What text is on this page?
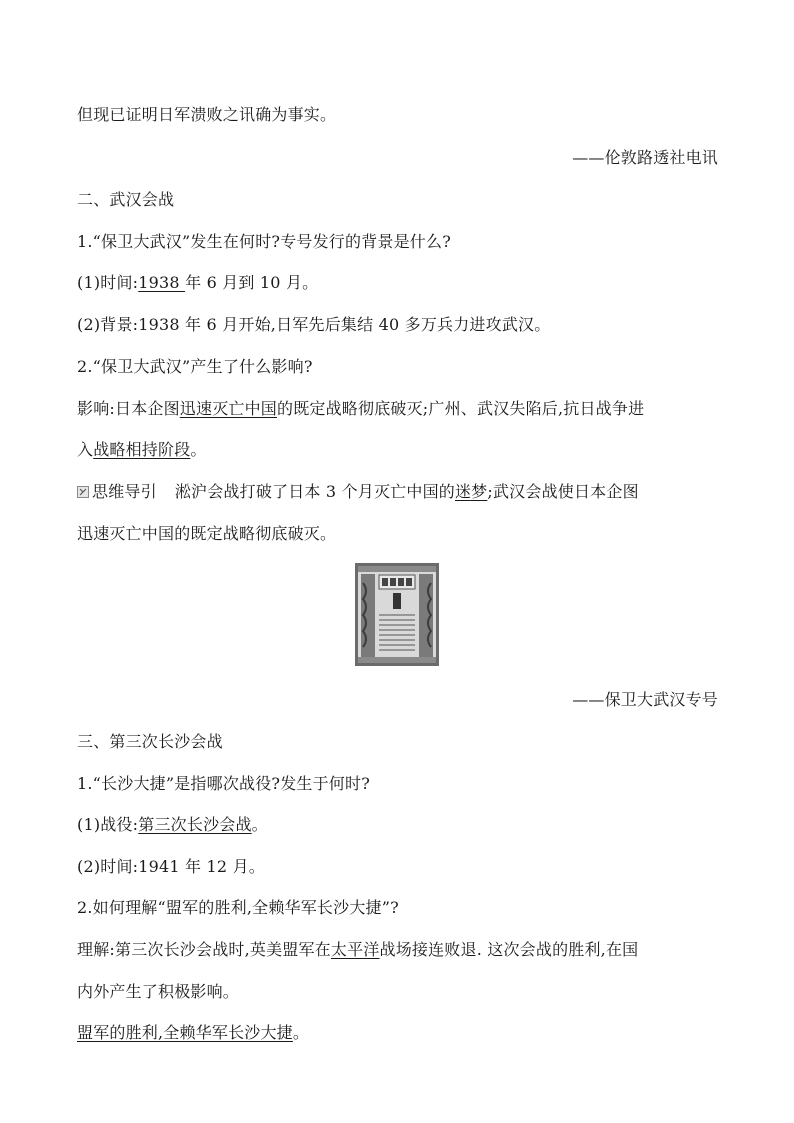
但现已证明日军溃败之讯确为事实。
——伦敦路透社电讯
二、武汉会战
1.“保卫大武汉”发生在何时?专号发行的背景是什么?
(1)时间:1938 年 6 月到 10 月。
(2)背景:1938 年 6 月开始,日军先后集结 40 多万兵力进攻武汉。
2.“保卫大武汉”产生了什么影响?
影响:日本企图迅速灭亡中国的既定战略彻底破灭;广州、武汉失陷后,抗日战争进
入战略相持阶段。
思维导引 淞沪会战打破了日本 3 个月灭亡中国的迷梦;武汉会战使日本企图
迅速灭亡中国的既定战略彻底破灭。
——保卫大武汉专号
三、第三次长沙会战
1.“长沙大捷”是指哪次战役?发生于何时?
(1)战役:第三次长沙会战。
(2)时间:1941 年 12 月。
2.如何理解“盟军的胜利,全赖华军长沙大捷”?
理解:第三次长沙会战时,英美盟军在太平洋战场接连败退. 这次会战的胜利,在国
内外产生了积极影响。
盟军的胜利,全赖华军长沙大捷。
